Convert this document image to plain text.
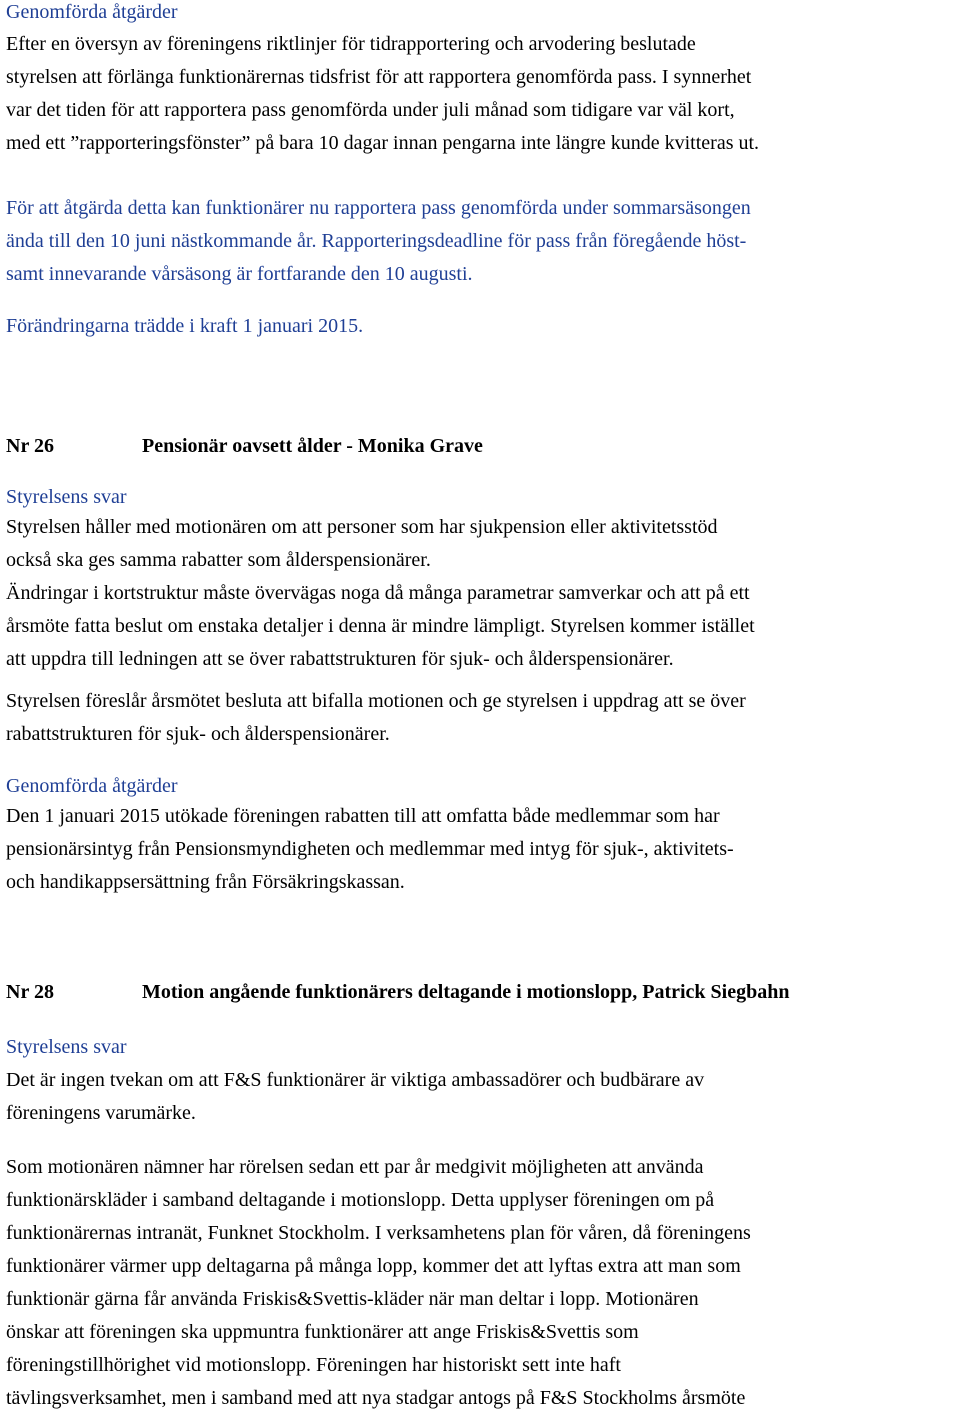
Genomförda åtgärder
Efter en översyn av föreningens riktlinjer för tidrapportering och arvodering beslutade
styrelsen att förlänga funktionärernas tidsfrist för att rapportera genomförda pass. I synnerhet
var det tiden för att rapportera pass genomförda under juli månad som tidigare var väl kort,
med ett ”rapporteringsfönster” på bara 10 dagar innan pengarna inte längre kunde kvitteras ut.
För att åtgärda detta kan funktionärer nu rapportera pass genomförda under sommarsäsongen
ända till den 10 juni nästkommande år. Rapporteringsdeadline för pass från föregående höst-
samt innevarande vårsäsong är fortfarande den 10 augusti.
Förändringarna trädde i kraft 1 januari 2015.
Nr 26	Pensionär oavsett ålder - Monika Grave
Styrelsens svar
Styrelsen håller med motionären om att personer som har sjukpension eller aktivitetsstöd
också ska ges samma rabatter som ålderspensionärer.
Ändringar i kortstruktur måste övervägas noga då många parametrar samverkar och att på ett
årsmöte fatta beslut om enstaka detaljer i denna är mindre lämpligt. Styrelsen kommer istället
att uppdra till ledningen att se över rabattstrukturen för sjuk- och ålderspensionärer.
Styrelsen föreslår årsmötet besluta att bifalla motionen och ge styrelsen i uppdrag att se över
rabattstrukturen för sjuk- och ålderspensionärer.
Genomförda åtgärder
Den 1 januari 2015 utökade föreningen rabatten till att omfatta både medlemmar som har
pensionärsintyg från Pensionsmyndigheten och medlemmar med intyg för sjuk-, aktivitets-
och handikappsersättning från Försäkringskassan.
Nr 28	Motion angående funktionärers deltagande i motionslopp, Patrick Siegbahn
Styrelsens svar
Det är ingen tvekan om att F&S funktionärer är viktiga ambassadörer och budbärare av
föreningens varumärke.
Som motionären nämner har rörelsen sedan ett par år medgivit möjligheten att använda
funktionärskläder i samband deltagande i motionslopp. Detta upplyser föreningen om på
funktionärernas intranät, Funknet Stockholm. I verksamhetens plan för våren, då föreningens
funktionärer värmer upp deltagarna på många lopp, kommer det att lyftas extra att man som
funktionär gärna får använda Friskis&Svettis-kläder när man deltar i lopp. Motionären
önskar att föreningen ska uppmuntra funktionärer att ange Friskis&Svettis som
föreningstillhörighet vid motionslopp. Föreningen har historiskt sett inte haft
tävlingsverksamhet, men i samband med att nya stadgar antogs på F&S Stockholms årsmöte
